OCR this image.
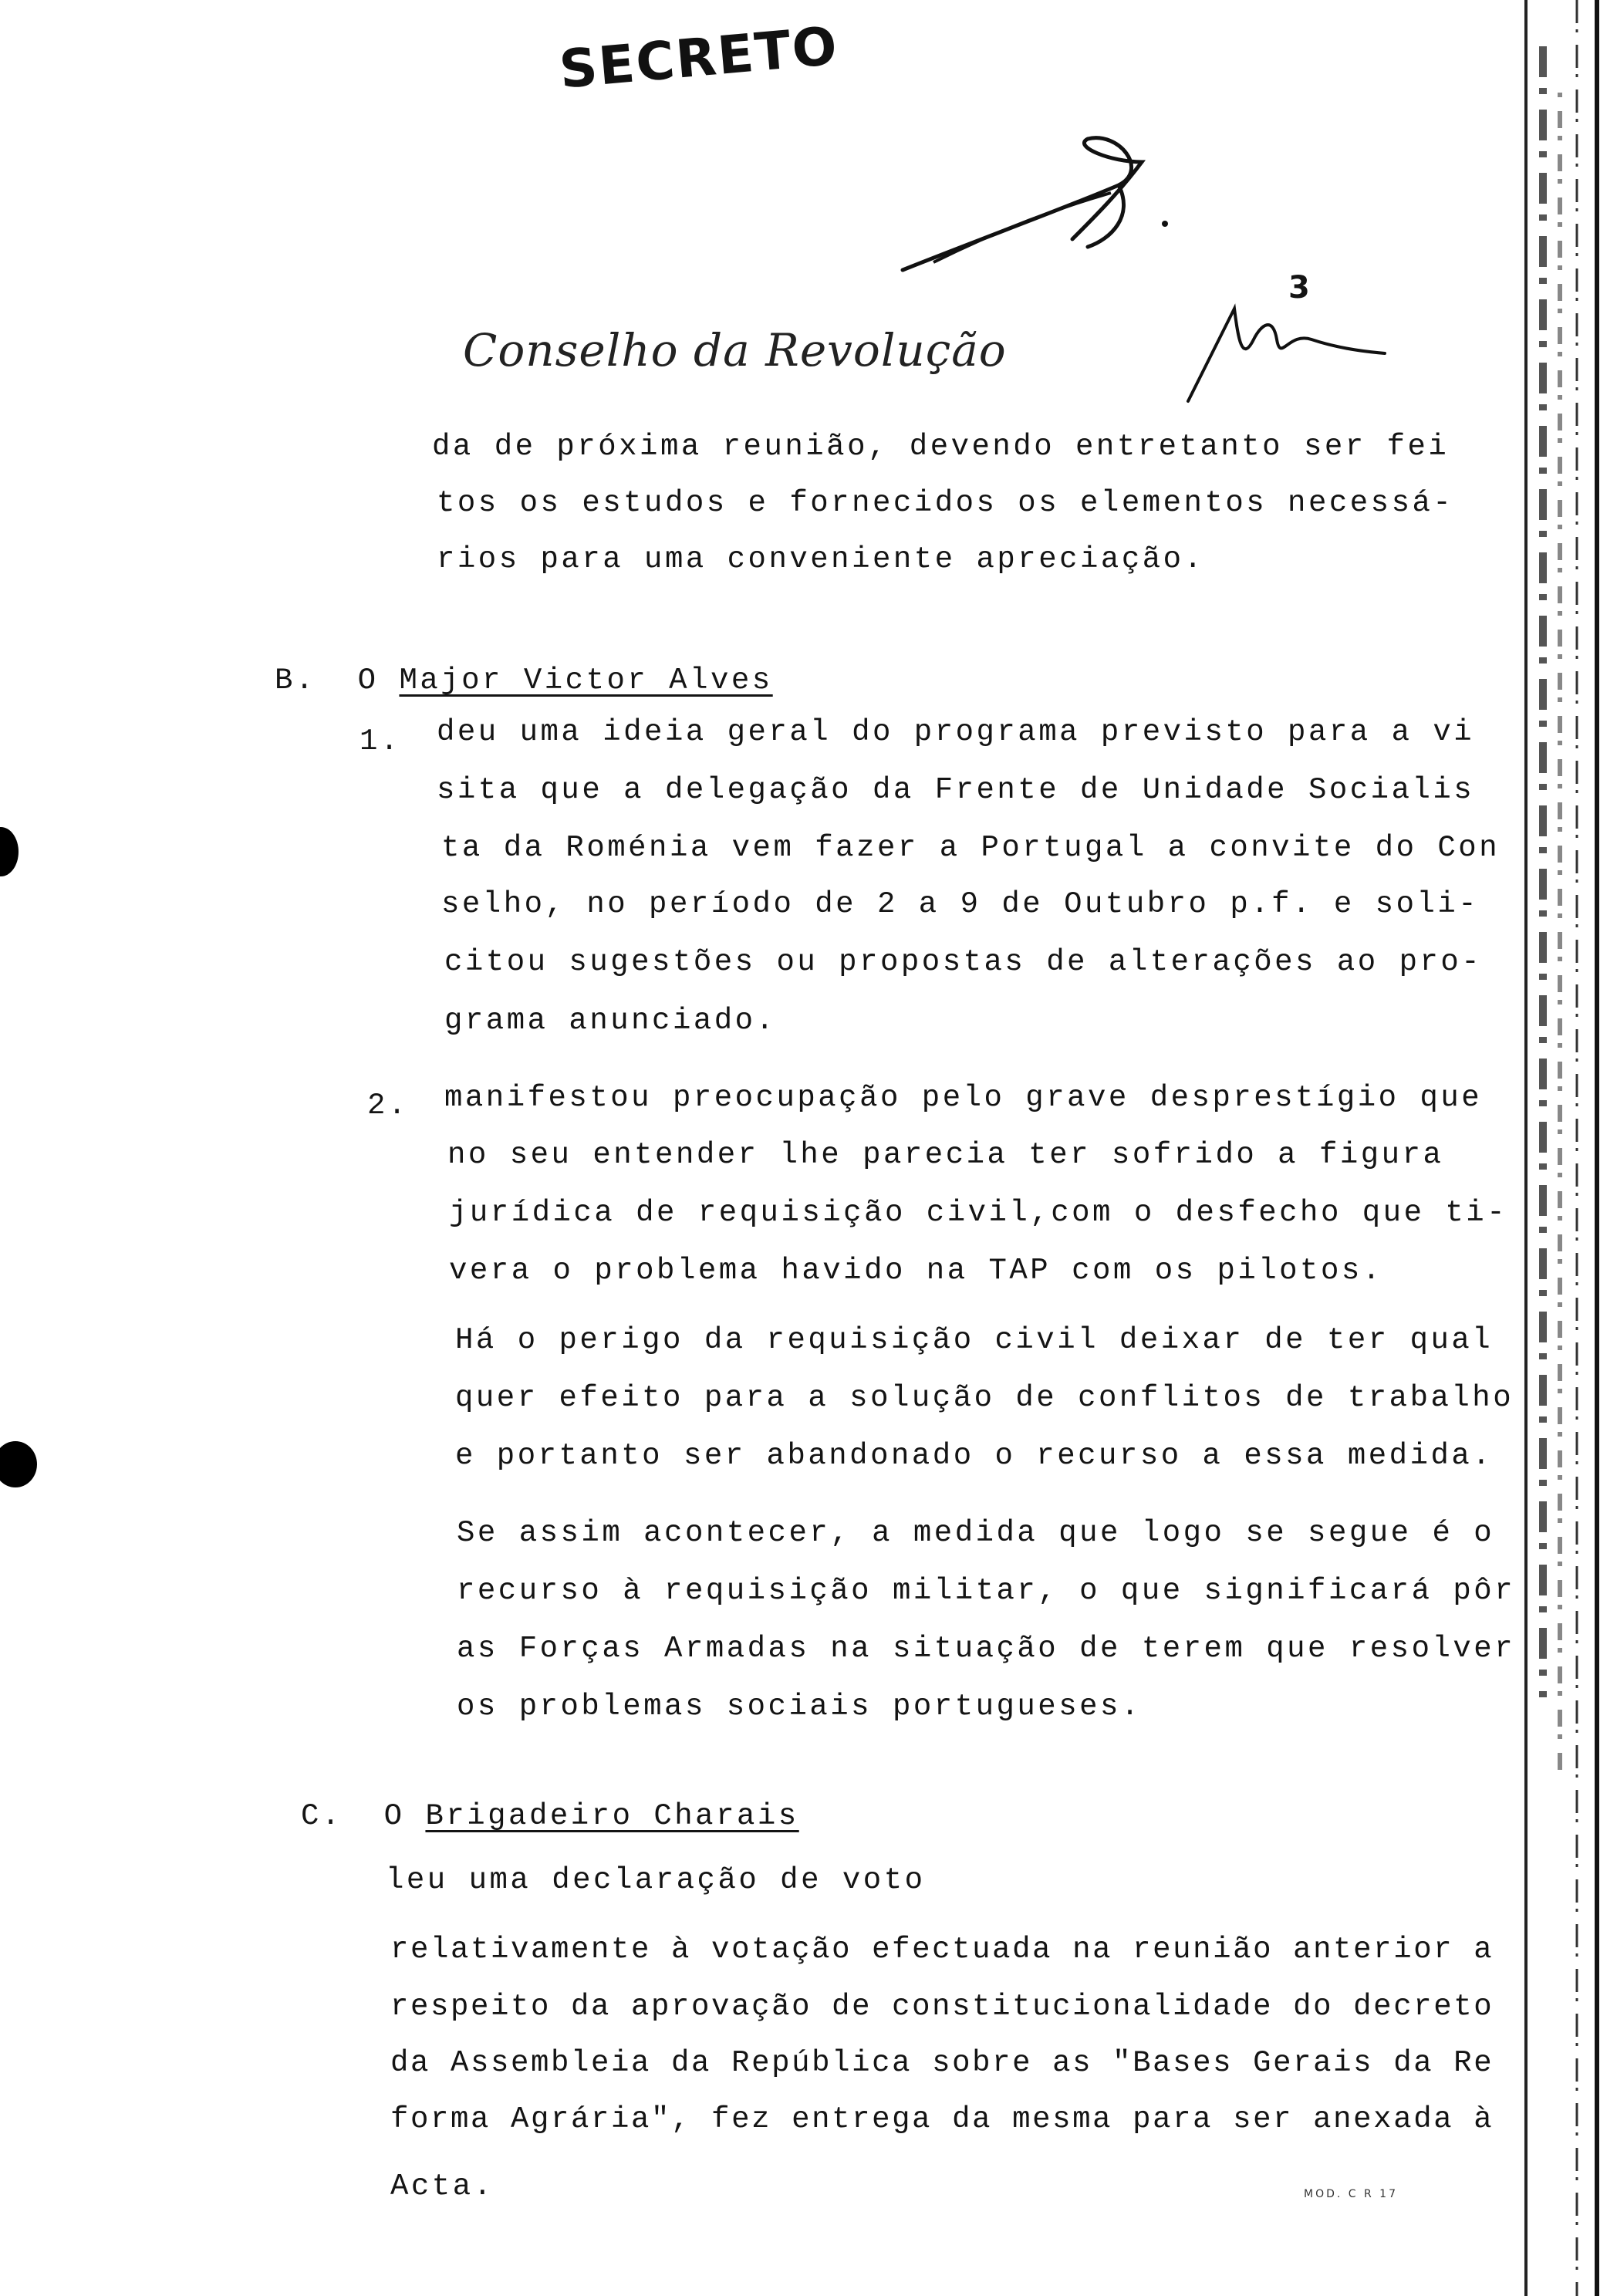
SECRETO
3
Conselho da Revolução
da de próxima reunião, devendo entretanto ser fei
tos os estudos e fornecidos os elementos necessá-
rios para uma conveniente apreciação.
B. O Major Victor Alves
1. deu uma ideia geral do programa previsto para a vi
sita que a delegação da Frente de Unidade Socialis
ta da Roménia vem fazer a Portugal a convite do Con
selho, no período de 2 a 9 de Outubro p.f. e soli-
citou sugestões ou propostas de alterações ao pro-
grama anunciado.
2. manifestou preocupação pelo grave desprestígio que
no seu entender lhe parecia ter sofrido a figura
jurídica de requisição civil,com o desfecho que ti-
vera o problema havido na TAP com os pilotos.
Há o perigo da requisição civil deixar de ter qual
quer efeito para a solução de conflitos de trabalho
e portanto ser abandonado o recurso a essa medida.
Se assim acontecer, a medida que logo se segue é o
recurso à requisição militar, o que significará pôr
as Forças Armadas na situação de terem que resolver
os problemas sociais portugueses.
C. O Brigadeiro Charais
leu uma declaração de voto
relativamente à votação efectuada na reunião anterior a
respeito da aprovação de constitucionalidade do decreto
da Assembleia da República sobre as "Bases Gerais da Re
forma Agrária", fez entrega da mesma para ser anexada à
Acta.	MOD. C R 17
